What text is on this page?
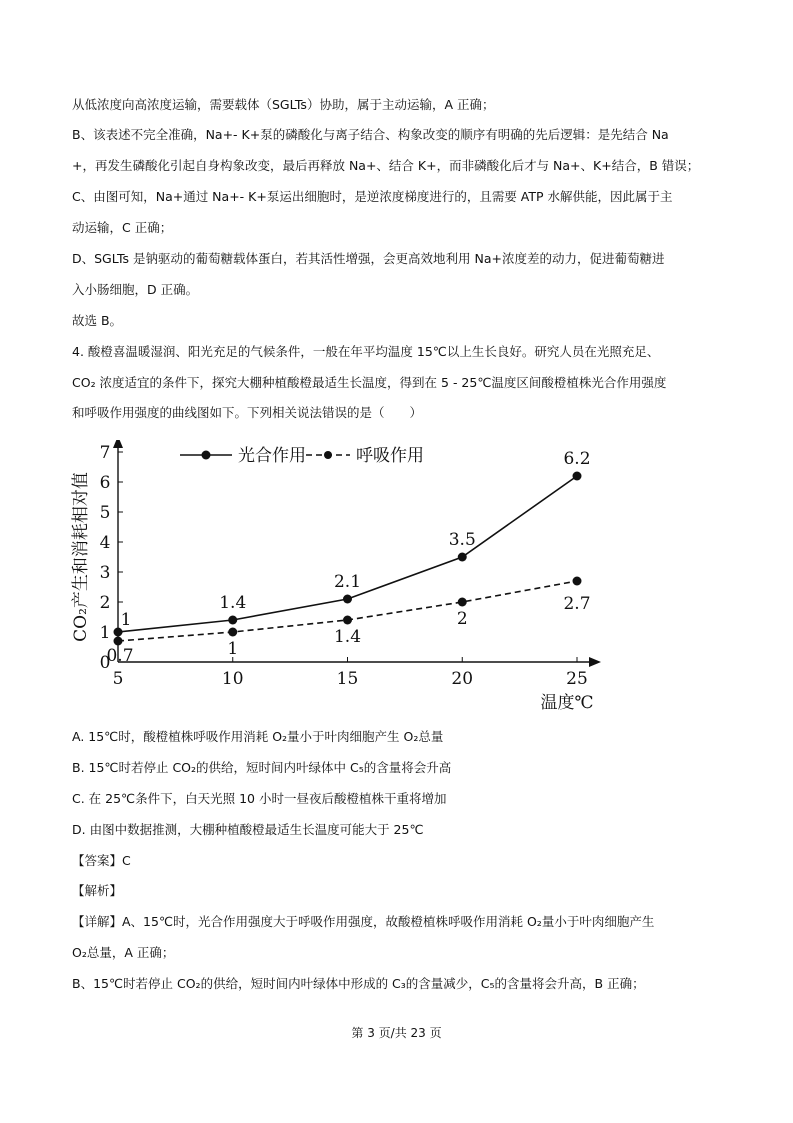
从低浓度向高浓度运输，需要载体（SGLTs）协助，属于主动运输，A 正确；
B、该表述不完全准确，Na+- K+泵的磷酸化与离子结合、构象改变的顺序有明确的先后逻辑：是先结合 Na
+，再发生磷酸化引起自身构象改变，最后再释放 Na+、结合 K+，而非磷酸化后才与 Na+、K+结合，B 错误；
C、由图可知，Na+通过 Na+- K+泵运出细胞时，是逆浓度梯度进行的，且需要 ATP 水解供能，因此属于主
动运输，C 正确；
D、SGLTs 是钠驱动的葡萄糖载体蛋白，若其活性增强，会更高效地利用 Na+浓度差的动力，促进葡萄糖进
入小肠细胞，D 正确。
故选 B。
4. 酸橙喜温暖湿润、阳光充足的气候条件，一般在年平均温度 15℃以上生长良好。研究人员在光照充足、
CO₂ 浓度适宜的条件下，探究大棚种植酸橙最适生长温度，得到在 5 - 25℃温度区间酸橙植株光合作用强度
和呼吸作用强度的曲线图如下。下列相关说法错误的是（　　）
0
1
2
3
4
5
6
7
5	10	15	20	25
温度℃
CO₂产生和消耗相对值 1
1.4
2.1
3.5
6.2
0.7	1
1.4
2
2.7
光合作用	呼吸作用
A. 15℃时，酸橙植株呼吸作用消耗 O₂量小于叶肉细胞产生 O₂总量
B. 15℃时若停止 CO₂的供给，短时间内叶绿体中 C₅的含量将会升高
C. 在 25℃条件下，白天光照 10 小时一昼夜后酸橙植株干重将增加
D. 由图中数据推测，大棚种植酸橙最适生长温度可能大于 25℃
【答案】C
【解析】
【详解】A、15℃时，光合作用强度大于呼吸作用强度，故酸橙植株呼吸作用消耗 O₂量小于叶肉细胞产生
O₂总量，A 正确；
B、15℃时若停止 CO₂的供给，短时间内叶绿体中形成的 C₃的含量减少，C₅的含量将会升高，B 正确；
第 3 页/共 23 页
